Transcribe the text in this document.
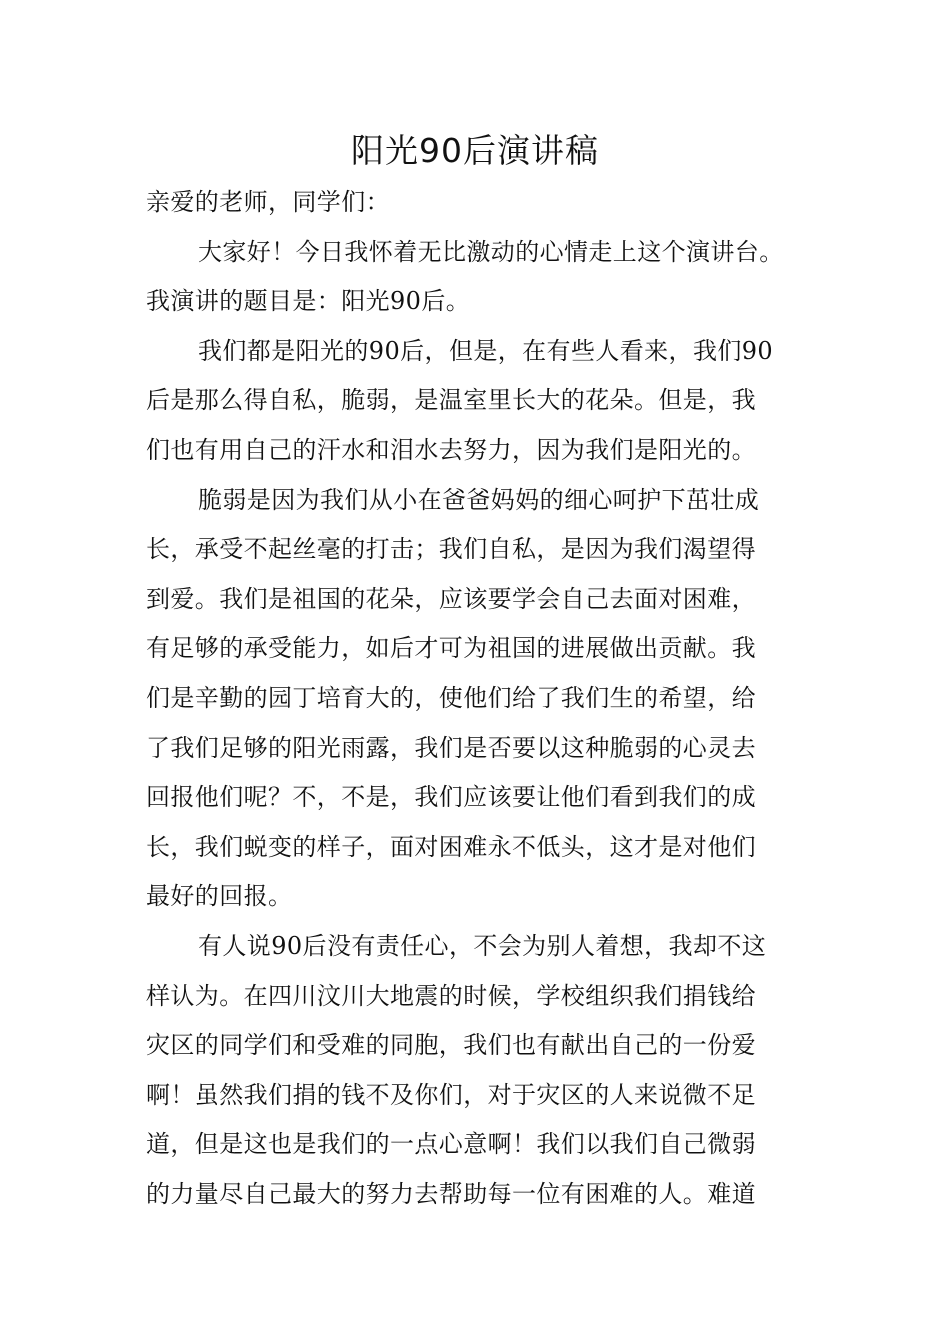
阳光90后演讲稿
亲爱的老师，同学们：
大家好！今日我怀着无比激动的心情走上这个演讲台。
我演讲的题目是：阳光90后。
我们都是阳光的90后，但是，在有些人看来，我们90
后是那么得自私，脆弱，是温室里长大的花朵。但是，我
们也有用自己的汗水和泪水去努力，因为我们是阳光的。
脆弱是因为我们从小在爸爸妈妈的细心呵护下茁壮成
长，承受不起丝毫的打击；我们自私，是因为我们渴望得
到爱。我们是祖国的花朵，应该要学会自己去面对困难，
有足够的承受能力，如后才可为祖国的进展做出贡献。我
们是辛勤的园丁培育大的，使他们给了我们生的希望，给
了我们足够的阳光雨露，我们是否要以这种脆弱的心灵去
回报他们呢？不，不是，我们应该要让他们看到我们的成
长，我们蜕变的样子，面对困难永不低头，这才是对他们
最好的回报。
有人说90后没有责任心，不会为别人着想，我却不这
样认为。在四川汶川大地震的时候，学校组织我们捐钱给
灾区的同学们和受难的同胞，我们也有献出自己的一份爱
啊！虽然我们捐的钱不及你们，对于灾区的人来说微不足
道，但是这也是我们的一点心意啊！我们以我们自己微弱
的力量尽自己最大的努力去帮助每一位有困难的人。难道
